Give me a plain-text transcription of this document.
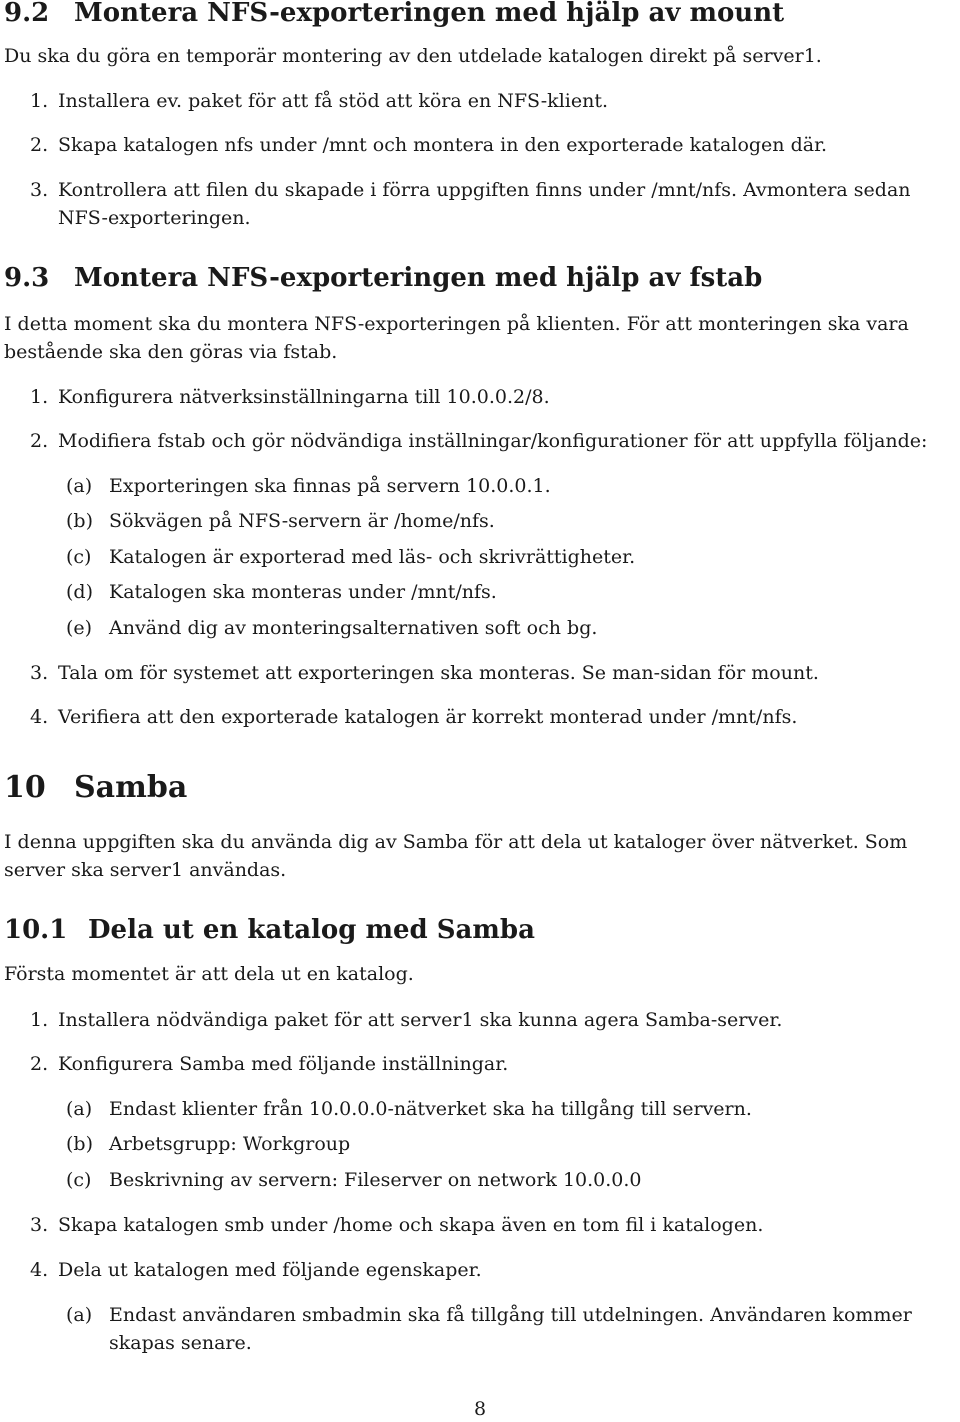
9.2 Montera NFS-exporteringen med hjälp av mount

Du ska du göra en temporär montering av den utdelade katalogen direkt på server1.

1. Installera ev. paket för att få stöd att köra en NFS-klient.
2. Skapa katalogen nfs under /mnt och montera in den exporterade katalogen där.
3. Kontrollera att filen du skapade i förra uppgiften finns under /mnt/nfs. Avmontera sedan NFS-exporteringen.
9.3 Montera NFS-exporteringen med hjälp av fstab

I detta moment ska du montera NFS-exporteringen på klienten. För att monteringen ska vara bestående ska den göras via fstab.

1. Konfigurera nätverksinställningarna till 10.0.0.2/8.
2. Modifiera fstab och gör nödvändiga inställningar/konfigurationer för att uppfylla följande:
(a) Exporteringen ska finnas på servern 10.0.0.1.
(b) Sökvägen på NFS-servern är /home/nfs.
(c) Katalogen är exporterad med läs- och skrivrättigheter.
(d) Katalogen ska monteras under /mnt/nfs.
(e) Använd dig av monteringsalternativen soft och bg.
3. Tala om för systemet att exporteringen ska monteras. Se man-sidan för mount.
4. Verifiera att den exporterade katalogen är korrekt monterad under /mnt/nfs.
10 Samba

I denna uppgiften ska du använda dig av Samba för att dela ut kataloger över nätverket. Som server ska server1 användas.

10.1 Dela ut en katalog med Samba

Första momentet är att dela ut en katalog.

1. Installera nödvändiga paket för att server1 ska kunna agera Samba-server.
2. Konfigurera Samba med följande inställningar.
(a) Endast klienter från 10.0.0.0-nätverket ska ha tillgång till servern.
(b) Arbetsgrupp: Workgroup
(c) Beskrivning av servern: Fileserver on network 10.0.0.0
3. Skapa katalogen smb under /home och skapa även en tom fil i katalogen.
4. Dela ut katalogen med följande egenskaper.
(a) Endast användaren smbadmin ska få tillgång till utdelningen. Användaren kommer skapas senare.
8
